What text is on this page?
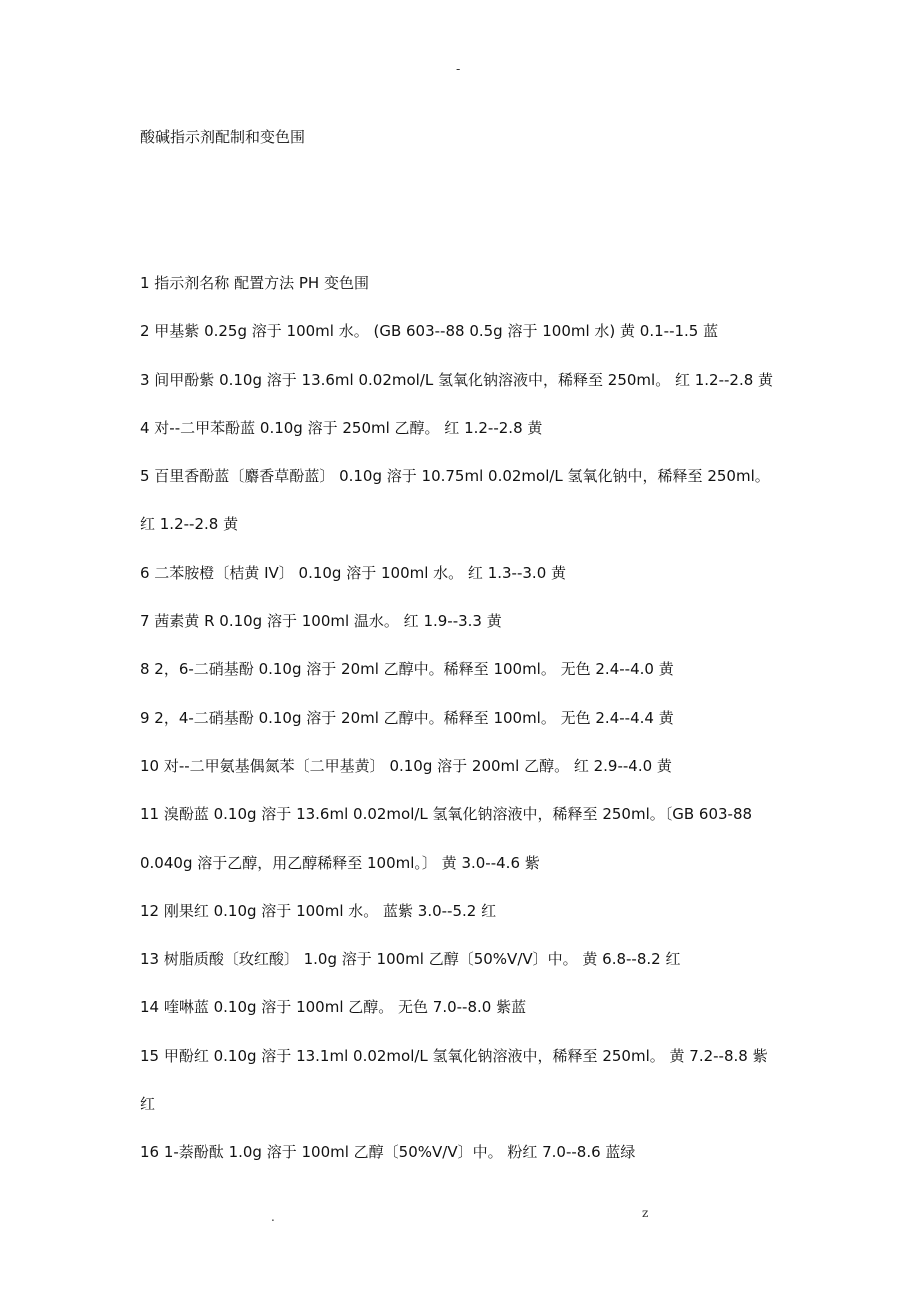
-
酸碱指示剂配制和变色围
1 指示剂名称 配置方法 PH 变色围
2 甲基紫 0.25g 溶于 100ml 水。 (GB 603--88 0.5g 溶于 100ml 水) 黄 0.1--1.5 蓝
3 间甲酚紫 0.10g 溶于 13.6ml 0.02mol/L 氢氧化钠溶液中，稀释至 250ml。 红 1.2--2.8 黄
4 对--二甲苯酚蓝 0.10g 溶于 250ml 乙醇。 红 1.2--2.8 黄
5 百里香酚蓝〔麝香草酚蓝〕 0.10g 溶于 10.75ml 0.02mol/L 氢氧化钠中，稀释至 250ml。
红 1.2--2.8 黄
6 二苯胺橙〔桔黄 IV〕 0.10g 溶于 100ml 水。 红 1.3--3.0 黄
7 茜素黄 R 0.10g 溶于 100ml 温水。 红 1.9--3.3 黄
8 2，6-二硝基酚 0.10g 溶于 20ml 乙醇中。稀释至 100ml。 无色 2.4--4.0 黄
9 2，4-二硝基酚 0.10g 溶于 20ml 乙醇中。稀释至 100ml。 无色 2.4--4.4 黄
10 对--二甲氨基偶氮苯〔二甲基黄〕 0.10g 溶于 200ml 乙醇。 红 2.9--4.0 黄
11 溴酚蓝 0.10g 溶于 13.6ml 0.02mol/L 氢氧化钠溶液中，稀释至 250ml。〔GB 603-88
0.040g 溶于乙醇，用乙醇稀释至 100ml。〕 黄 3.0--4.6 紫
12 刚果红 0.10g 溶于 100ml 水。 蓝紫 3.0--5.2 红
13 树脂质酸〔玫红酸〕 1.0g 溶于 100ml 乙醇〔50%V/V〕中。 黄 6.8--8.2 红
14 喹啉蓝 0.10g 溶于 100ml 乙醇。 无色 7.0--8.0 紫蓝
15 甲酚红 0.10g 溶于 13.1ml 0.02mol/L 氢氧化钠溶液中，稀释至 250ml。 黄 7.2--8.8 紫
红
16 1-萘酚酞 1.0g 溶于 100ml 乙醇〔50%V/V〕中。 粉红 7.0--8.6 蓝绿
.	z
